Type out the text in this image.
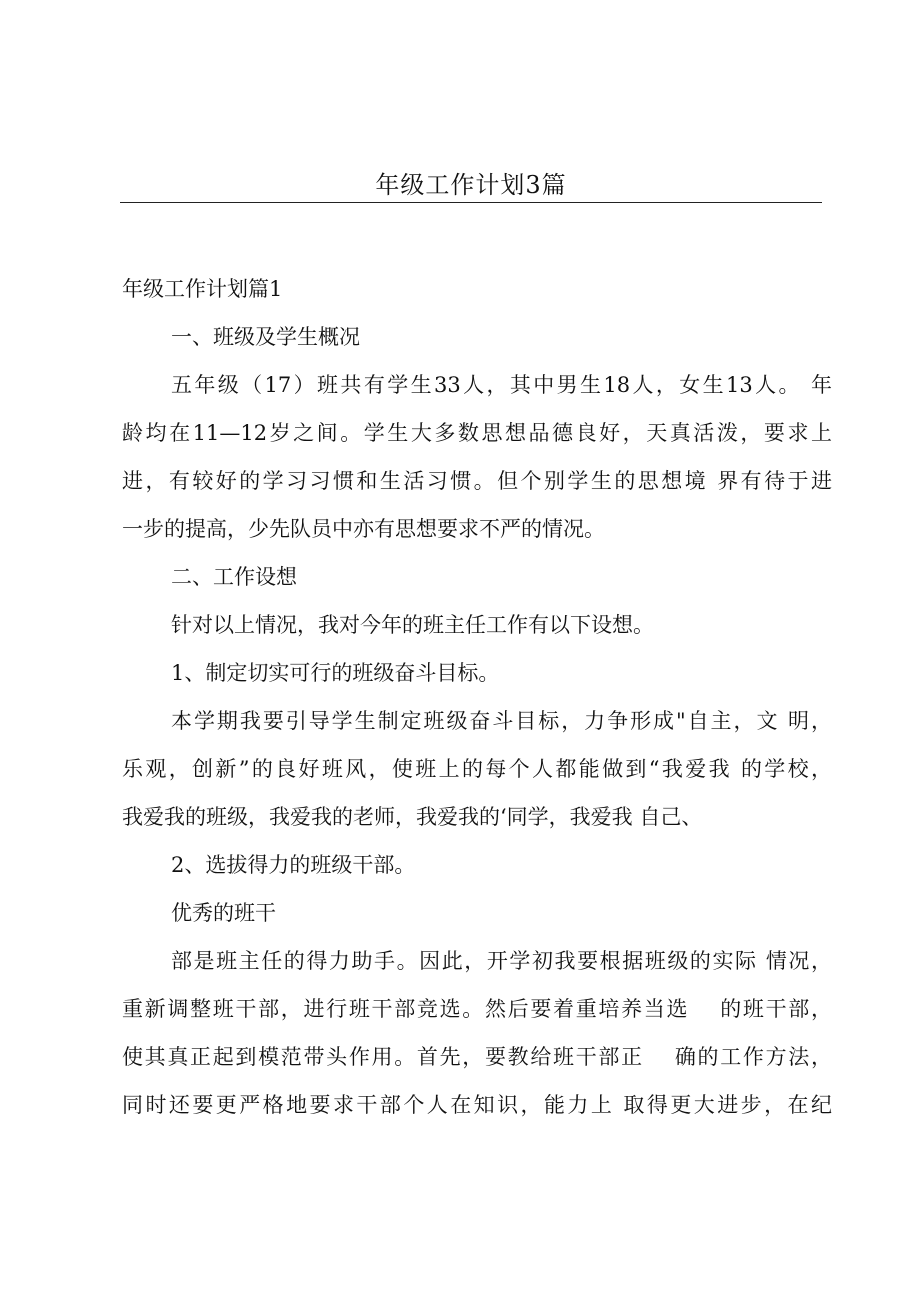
年级工作计划3篇
年级工作计划篇1
一、班级及学生概况
五年级（17）班共有学生33人，其中男生18人，女生13人。 年
龄均在11—12岁之间。学生大多数思想品德良好，天真活泼，要求上
进，有较好的学习习惯和生活习惯。但个别学生的思想境 界有待于进
一步的提高，少先队员中亦有思想要求不严的情况。
二、工作设想
针对以上情况，我对今年的班主任工作有以下设想。
1、制定切实可行的班级奋斗目标。
本学期我要引导学生制定班级奋斗目标，力争形成"自主，文 明，
乐观，创新”的良好班风，使班上的每个人都能做到“我爱我 的学校，
我爱我的班级，我爱我的老师，我爱我的‘同学，我爱我 自己、
2、选拔得力的班级干部。
优秀的班干
部是班主任的得力助手。因此，开学初我要根据班级的实际 情况，
重新调整班干部，进行班干部竞选。然后要着重培养当选　 的班干部，
使其真正起到模范带头作用。首先，要教给班干部正　 确的工作方法，
同时还要更严格地要求干部个人在知识，能力上 取得更大进步，在纪
